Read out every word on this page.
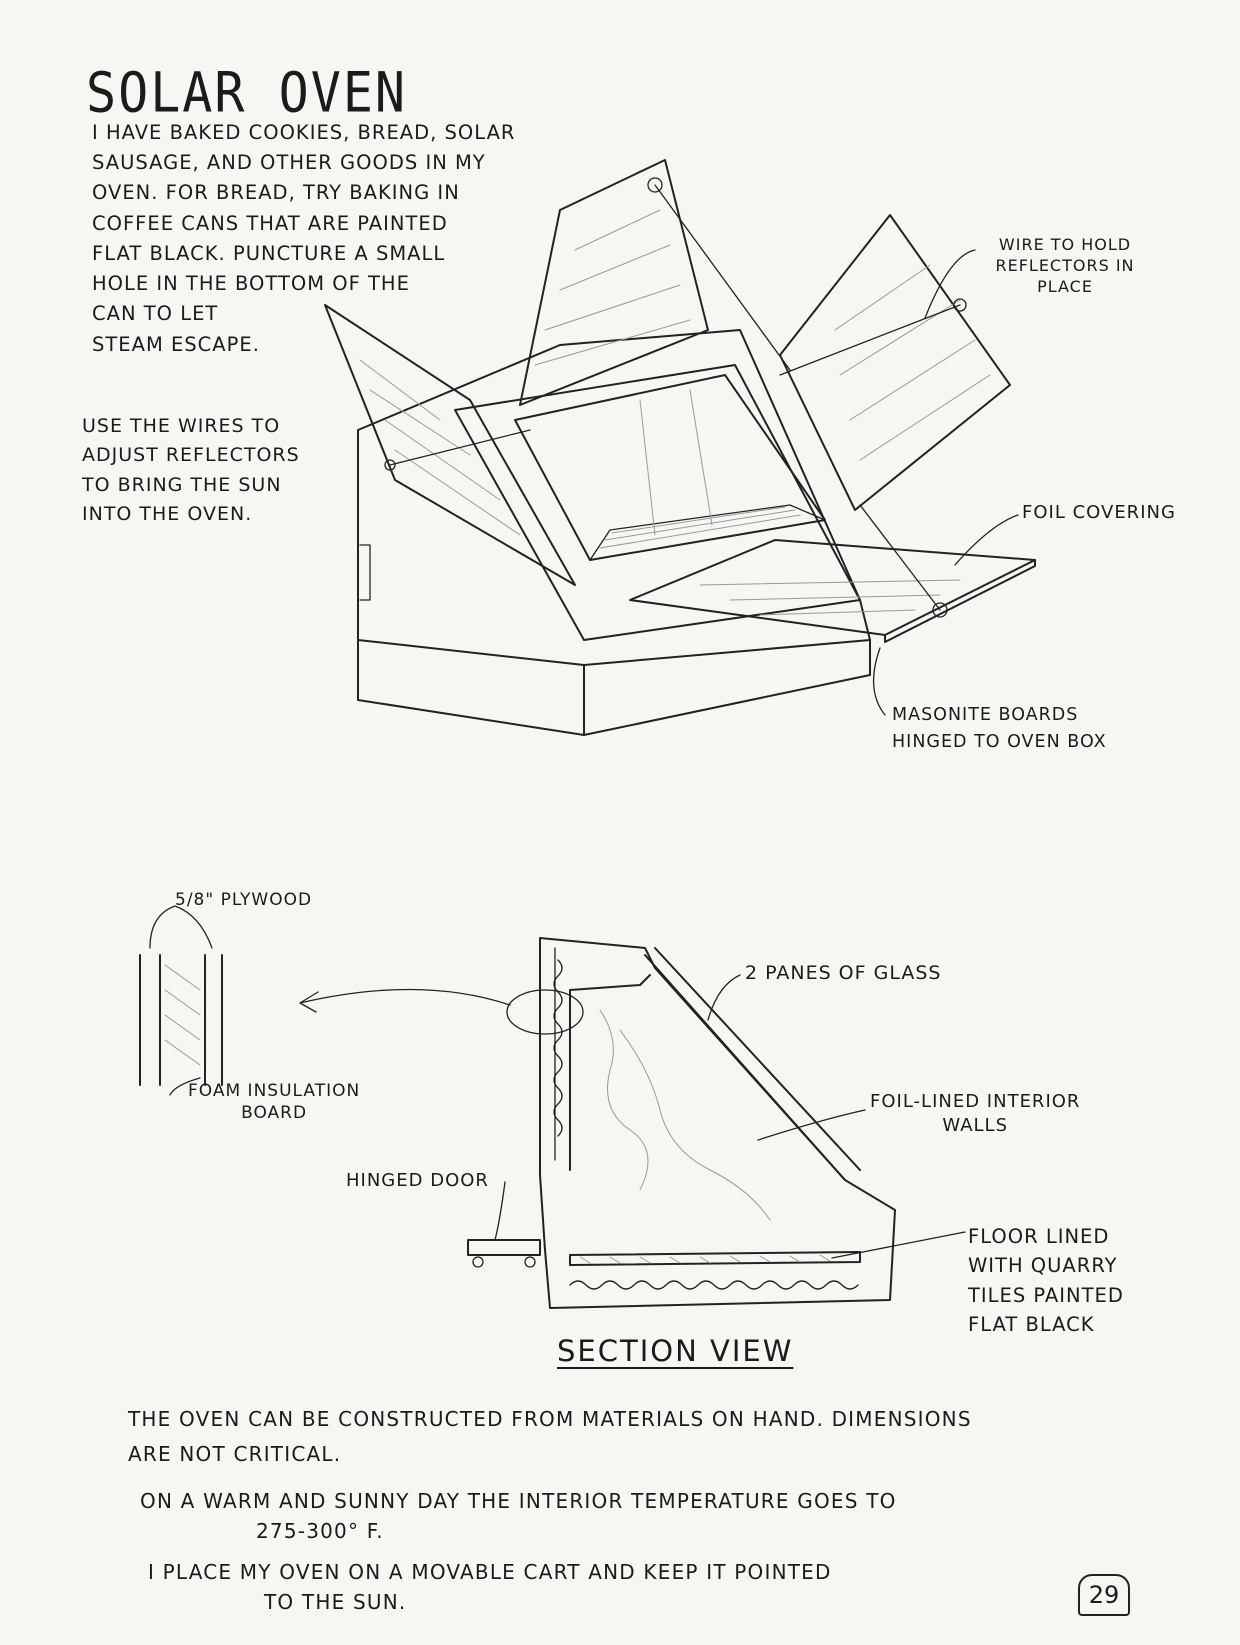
SOLAR OVEN

I HAVE BAKED COOKIES, BREAD, SOLAR
SAUSAGE, AND OTHER GOODS IN MY
OVEN. FOR BREAD, TRY BAKING IN
COFFEE CANS THAT ARE PAINTED
FLAT BLACK. PUNCTURE A SMALL
HOLE IN THE BOTTOM OF THE
CAN TO LET
STEAM ESCAPE.

USE THE WIRES TO
ADJUST REFLECTORS
TO BRING THE SUN
INTO THE OVEN.

WIRE TO HOLD
REFLECTORS IN
PLACE

FOIL COVERING

MASONITE BOARDS
HINGED TO OVEN BOX

5/8" PLYWOOD

FOAM INSULATION
BOARD

2 PANES OF GLASS

FOIL-LINED INTERIOR
WALLS

HINGED DOOR

FLOOR LINED
WITH QUARRY
TILES PAINTED
FLAT BLACK

SECTION VIEW

THE OVEN CAN BE CONSTRUCTED FROM MATERIALS ON HAND. DIMENSIONS
ARE NOT CRITICAL.

ON A WARM AND SUNNY DAY THE INTERIOR TEMPERATURE GOES TO

275-300° F.

I PLACE MY OVEN ON A MOVABLE CART AND KEEP IT POINTED

TO THE SUN.	29
